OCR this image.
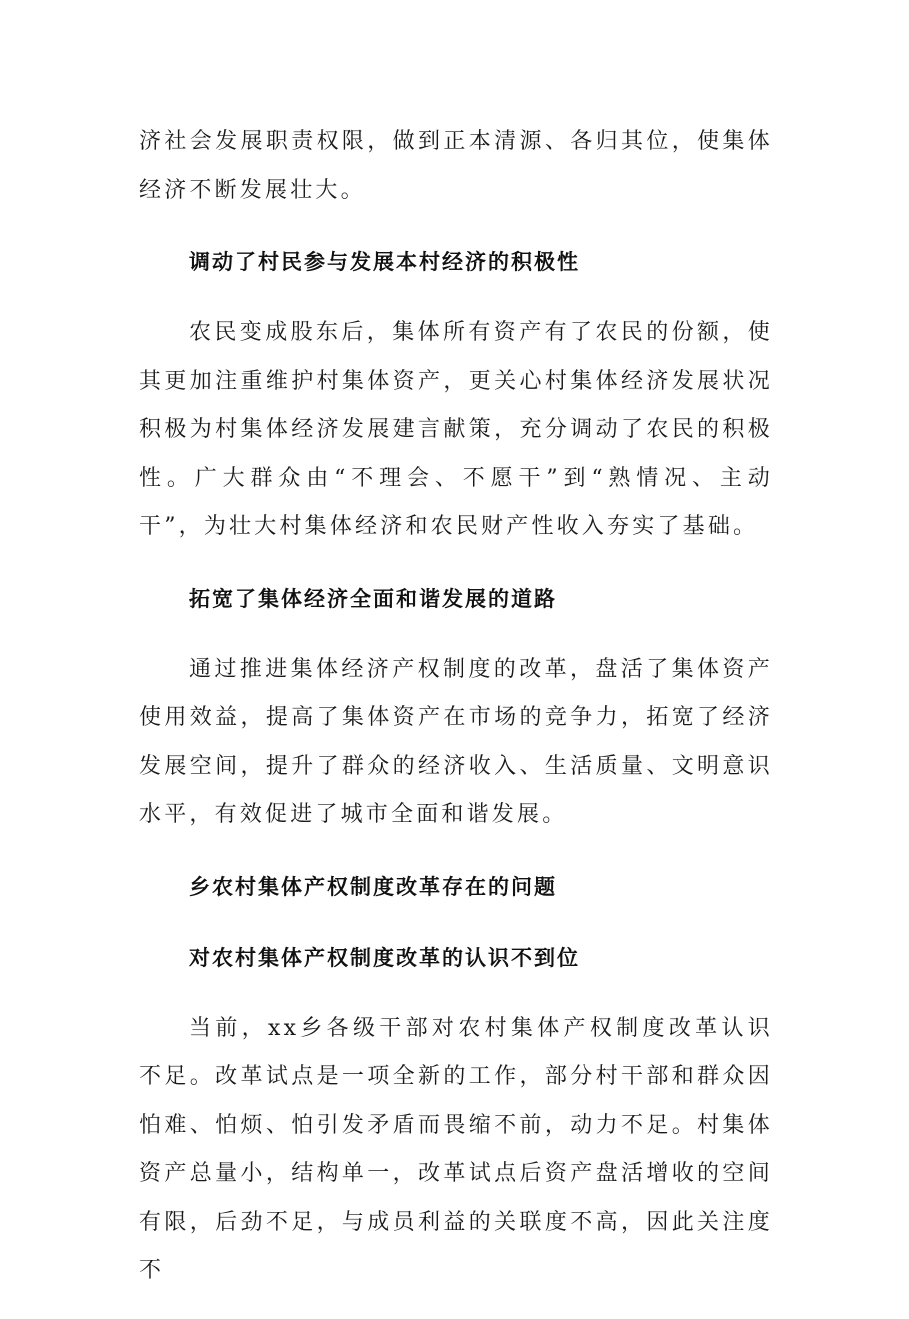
济社会发展职责权限，做到正本清源、各归其位，使集体经济不断发展壮大。

调动了村民参与发展本村经济的积极性

农民变成股东后，集体所有资产有了农民的份额，使其更加注重维护村集体资产，更关心村集体经济发展状况积极为村集体经济发展建言献策，充分调动了农民的积极性。广大群众由“不理会、不愿干”到“熟情况、主动干”，为壮大村集体经济和农民财产性收入夯实了基础。

拓宽了集体经济全面和谐发展的道路

通过推进集体经济产权制度的改革，盘活了集体资产使用效益，提高了集体资产在市场的竞争力，拓宽了经济发展空间，提升了群众的经济收入、生活质量、文明意识水平，有效促进了城市全面和谐发展。

乡农村集体产权制度改革存在的问题
对农村集体产权制度改革的认识不到位

当前，xx乡各级干部对农村集体产权制度改革认识不足。改革试点是一项全新的工作，部分村干部和群众因怕难、怕烦、怕引发矛盾而畏缩不前，动力不足。村集体资产总量小，结构单一，改革试点后资产盘活增收的空间有限，后劲不足，与成员利益的关联度不高，因此关注度不
